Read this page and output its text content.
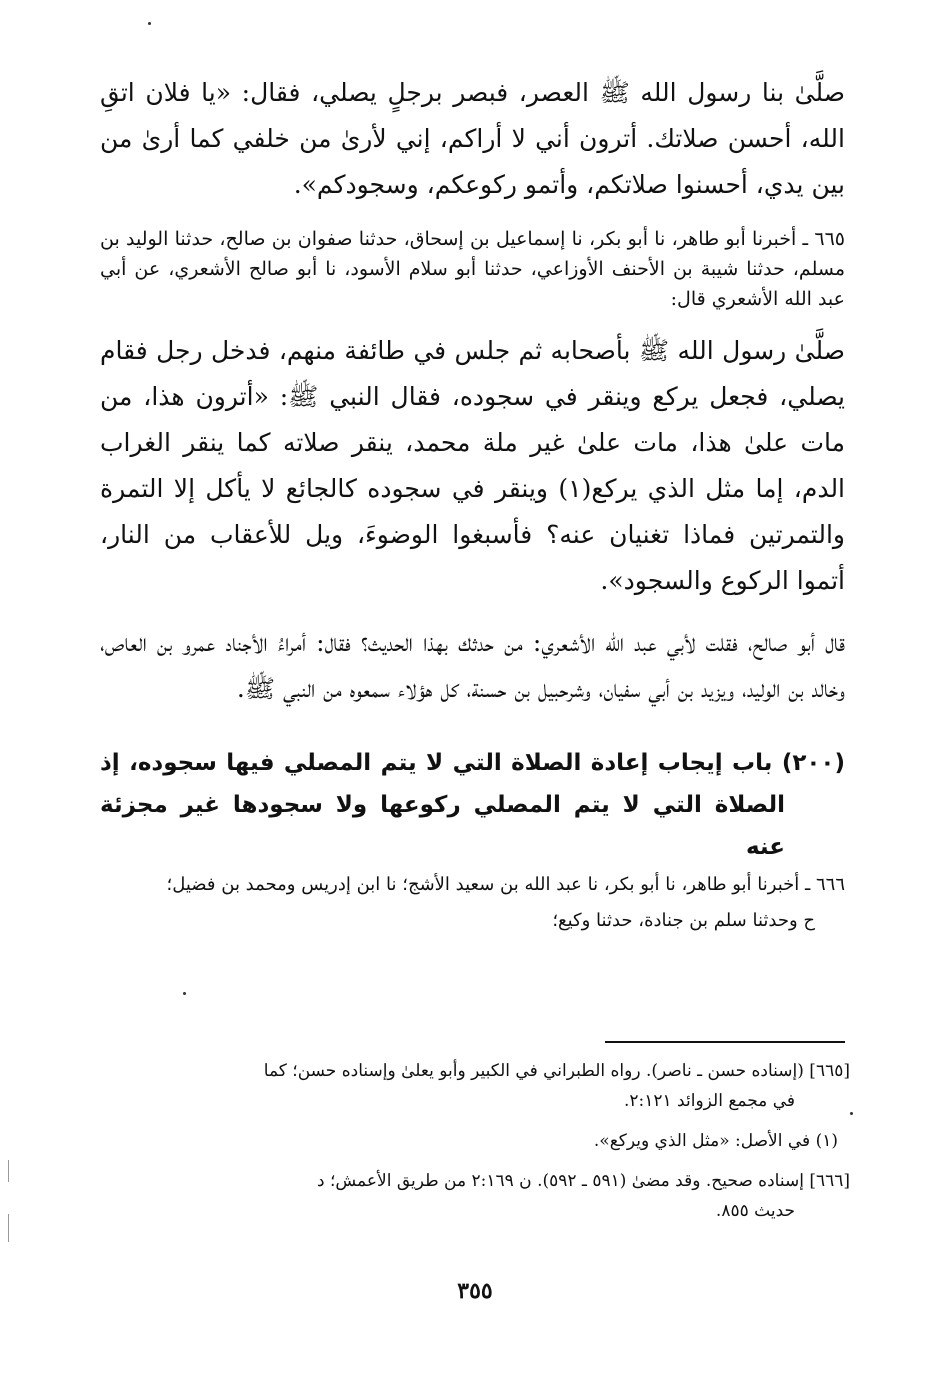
صلَّىٰ بنا رسول الله ﷺ العصر، فبصر برجلٍ يصلي، فقال: «يا فلان اتقِ الله، أحسن صلاتك. أترون أني لا أراكم، إني لأرىٰ من خلفي كما أرىٰ من بين يدي، أحسنوا صلاتكم، وأتمو ركوعكم، وسجودكم».

٦٦٥ ـ أخبرنا أبو طاهر، نا أبو بكر، نا إسماعيل بن إسحاق، حدثنا صفوان بن صالح، حدثنا الوليد بن مسلم، حدثنا شيبة بن الأحنف الأوزاعي، حدثنا أبو سلام الأسود، نا أبو صالح الأشعري، عن أبي عبد الله الأشعري قال:

صلَّىٰ رسول الله ﷺ بأصحابه ثم جلس في طائفة منهم، فدخل رجل فقام يصلي، فجعل يركع وينقر في سجوده، فقال النبي ﷺ: «أترون هذا، من مات علىٰ هذا، مات علىٰ غير ملة محمد، ينقر صلاته كما ينقر الغراب الدم، إما مثل الذي يركع(١) وينقر في سجوده كالجائع لا يأكل إلا التمرة والتمرتين فماذا تغنيان عنه؟ فأسبغوا الوضوءَ، ويل للأعقاب من النار، أتموا الركوع والسجود».

قال أبو صالح، فقلت لأبي عبد الله الأشعري: من حدثك بهذا الحديث؟ فقال: أمراءُ الأجناد عمرو بن العاص، وخالد بن الوليد، ويزيد بن أبي سفيان، وشرحبيل بن حسنة، كل هؤلاء سمعوه من النبي ﷺ.

(٢٠٠) باب إيجاب إعادة الصلاة التي لا يتم المصلي فيها سجوده، إذ
الصلاة التي لا يتم المصلي ركوعها ولا سجودها غير مجزئة عنه

٦٦٦ ـ أخبرنا أبو طاهر، نا أبو بكر، نا عبد الله بن سعيد الأشج؛ نا ابن إدريس ومحمد بن فضيل؛

ح وحدثنا سلم بن جنادة، حدثنا وكيع؛

[٦٦٥] (إسناده حسن ـ ناصر). رواه الطبراني في الكبير وأبو يعلىٰ وإسناده حسن؛ كما
في مجمع الزوائد ٢:١٢١.
(١) في الأصل: «مثل الذي ويركع».
[٦٦٦] إسناده صحيح. وقد مضىٰ (٥٩١ ـ ٥٩٢). ن ٢:١٦٩ من طريق الأعمش؛ د
حديث ٨٥٥.
٣٥٥
